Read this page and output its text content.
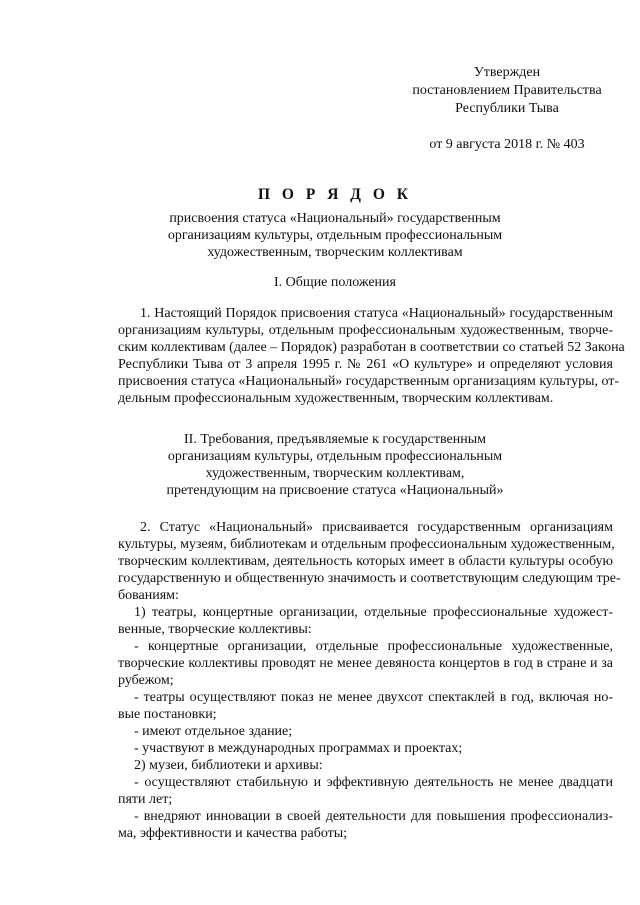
Утвержден
постановлением Правительства
Республики Тыва
от 9 августа 2018 г. № 403
П О Р Я Д О К
присвоения статуса «Национальный» государственным
организациям культуры, отдельным профессиональным
художественным, творческим коллективам
I. Общие положения
1. Настоящий Порядок присвоения статуса «Национальный» государственным
организациям культуры, отдельным профессиональным художественным, творче-
ским коллективам (далее – Порядок) разработан в соответствии со статьей 52 Закона
Республики Тыва от 3 апреля 1995 г. № 261 «О культуре» и определяют условия
присвоения статуса «Национальный» государственным организациям культуры, от-
дельным профессиональным художественным, творческим коллективам.
II. Требования, предъявляемые к государственным
организациям культуры, отдельным профессиональным
художественным, творческим коллективам,
претендующим на присвоение статуса «Национальный»
2. Статус «Национальный» присваивается государственным организациям
культуры, музеям, библиотекам и отдельным профессиональным художественным,
творческим коллективам, деятельность которых имеет в области культуры особую
государственную и общественную значимость и соответствующим следующим тре-
бованиям:
1) театры, концертные организации, отдельные профессиональные художест-
венные, творческие коллективы:
- концертные организации, отдельные профессиональные художественные,
творческие коллективы проводят не менее девяноста концертов в год в стране и за
рубежом;
- театры осуществляют показ не менее двухсот спектаклей в год, включая но-
вые постановки;
- имеют отдельное здание;
- участвуют в международных программах и проектах;
2) музеи, библиотеки и архивы:
- осуществляют стабильную и эффективную деятельность не менее двадцати
пяти лет;
- внедряют инновации в своей деятельности для повышения профессионализ-
ма, эффективности и качества работы;
